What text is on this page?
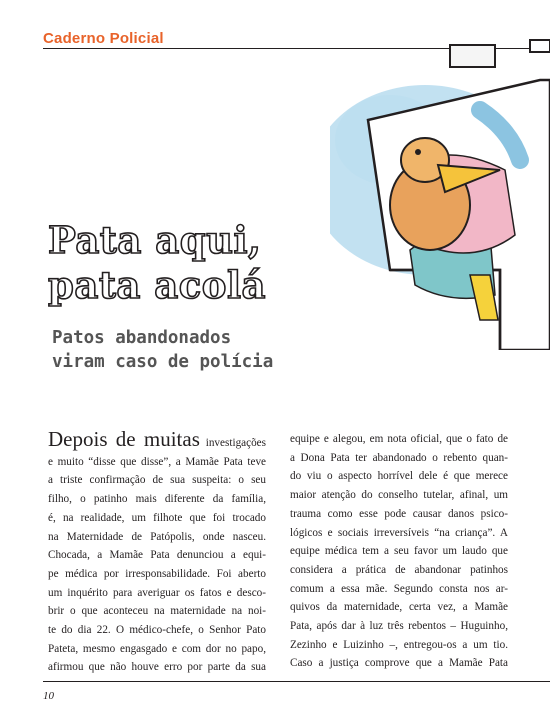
Caderno Policial
Pata aqui,
pata acolá
Patos abandonados
viram caso de polícia
Depois de muitas investigações
e muito “disse que disse”, a Mamãe Pata teve
a triste confirmação de sua suspeita: o seu
filho, o patinho mais diferente da família,
é, na realidade, um filhote que foi trocado
na Maternidade de Patópolis, onde nasceu.
Chocada, a Mamãe Pata denunciou a equi-
pe médica por irresponsabilidade. Foi aberto
um inquérito para averiguar os fatos e desco-
brir o que aconteceu na maternidade na noi-
te do dia 22. O médico-chefe, o Senhor Pato
Pateta, mesmo engasgado e com dor no papo,
afirmou que não houve erro por parte da sua
equipe e alegou, em nota oficial, que o fato de
a Dona Pata ter abandonado o rebento quan-
do viu o aspecto horrível dele é que merece
maior atenção do conselho tutelar, afinal, um
trauma como esse pode causar danos psico-
lógicos e sociais irreversíveis “na criança”. A
equipe médica tem a seu favor um laudo que
considera a prática de abandonar patinhos
comum a essa mãe. Segundo consta nos ar-
quivos da maternidade, certa vez, a Mamãe
Pata, após dar à luz três rebentos – Huguinho,
Zezinho e Luizinho –, entregou-os a um tio.
Caso a justiça comprove que a Mamãe Pata
10
